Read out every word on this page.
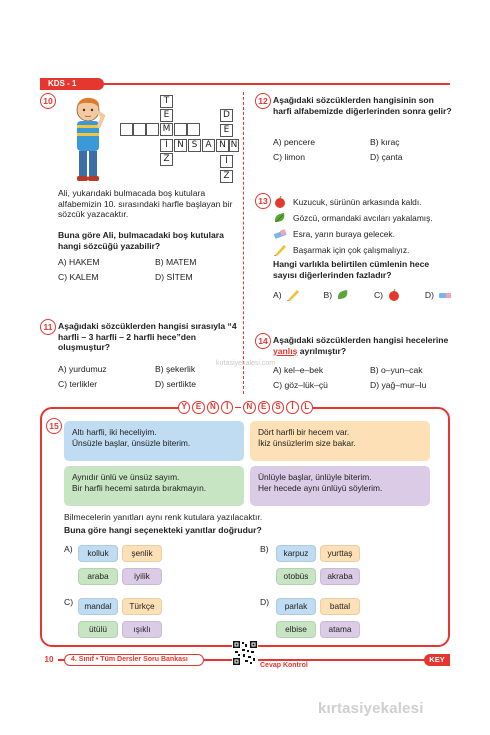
KDS - 1
10	T
E
M
İ
Z
N S A N
D
E
N
İ
Z
Ali, yukarıdaki bulmacada boş kutulara alfabemizin 10. sırasındaki harfle başlayan bir sözcük yazacaktır.
Buna göre Ali, bulmacadaki boş kutulara hangi sözcüğü yazabilir?
A) HAKEM	B) MATEM
C) KALEM	D) SİTEM
11 Aşağıdaki sözcüklerden hangisi sırasıyla “4 harfli – 3 harfli – 2 harfli hece”den oluşmuştur?
A) yurdumuz	B) şekerlik
C) terlikler	D) sertlikte
12 Aşağıdaki sözcüklerden hangisinin son harfi alfabemizde diğerlerinden sonra gelir?
A) pencere	B) kıraç
C) limon	D) çanta
13	Kuzucuk, sürünün arkasında kaldı.
Gözcü, ormandaki avcıları yakalamış.
Esra, yarın buraya gelecek.
Başarmak için çok çalışmalıyız.
Hangi varlıkla belirtilen cümlenin hece sayısı diğerlerinden fazladır?
A)	B)	C)	D)
14 Aşağıdaki sözcüklerden hangisi hecelerine yanlış ayrılmıştır?
A) kel–e–bek	B) o–yun–cak
C) göz–lük–çü	D) yağ–mur–lu
kırtasiyekalesi.com
Y	E	N	İ	N	E	S	İ	L
15
Altı harfli, iki heceliyim.
Ünsüzle başlar, ünsüzle biterim.
Dört harfli bir hecem var.
İkiz ünsüzlerim size bakar.
Aynıdır ünlü ve ünsüz sayım.
Bir harfli hecemi satırda bırakmayın.
Ünlüyle başlar, ünlüyle biterim.
Her hecede aynı ünlüyü söylerim.
Bilmecelerin yanıtları aynı renk kutulara yazılacaktır.
Buna göre hangi seçenekteki yanıtlar doğrudur?
A)	kolluk	şenlik
araba	iyilik
B)	karpuz	yurttaş
otobüs	akraba
C)	mandal	Türkçe
ütülü	ışıklı
D)	parlak	battal
elbise	atama
10	4. Sınıf • Tüm Dersler Soru Bankası
Cevap Kontrol
KEY
kırtasiyekalesi
